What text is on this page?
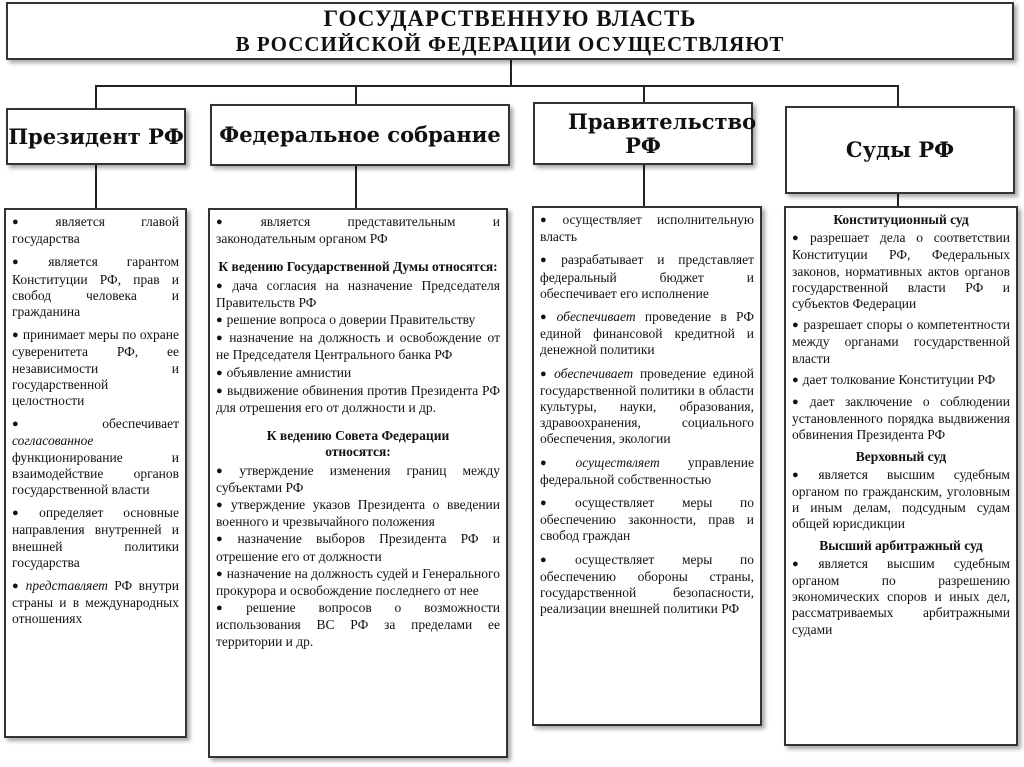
ГОСУДАРСТВЕННУЮ ВЛАСТЬ
В РОССИЙСКОЙ ФЕДЕРАЦИИ ОСУЩЕСТВЛЯЮТ
Президент РФ Федеральное собрание
Правительство РФ	Суды РФ

● является главой государства

● является гарантом Конституции РФ, прав и свобод человека и гражданина

● принимает меры по охране суверенитета РФ, ее независимости и государственной целостности

● обеспечивает согласованное функционирование и взаимодействие органов государственной власти

● определяет основные направления внутренней и внешней политики государства

● представляет РФ внутри страны и в международных отношениях

● является представительным и законодательным органом РФ

К ведению Государственной Думы относятся:

● дача согласия на назначение Председателя Правительств РФ

● решение вопроса о доверии Правительству

● назначение на должность и освобождение от не Председателя Центрального банка РФ

● объявление амнистии

● выдвижение обвинения против Президента РФ для отрешения его от должности и др.

К ведению Совета Федерации относятся:

● утверждение изменения границ между субъектами РФ

● утверждение указов Президента о введении военного и чрезвычайного положения

● назначение выборов Президента РФ и отрешение его от должности

● назначение на должность судей и Генерального прокурора и освобождение последнего от нее

● решение вопросов о возможности использования ВС РФ за пределами ее территории и др.

● осуществляет исполнительную власть

● разрабатывает и представляет федеральный бюджет и обеспечивает его исполнение

● обеспечивает проведение в РФ единой финансовой кредитной и денежной политики

● обеспечивает проведение единой государственной политики в области культуры, науки, образования, здравоохранения, социального обеспечения, экологии

● осуществляет управление федеральной собственностью

● осуществляет меры по обеспечению законности, прав и свобод граждан

● осуществляет меры по обеспечению обороны страны, государственной безопасности, реализации внешней политики РФ

Конституционный суд

● разрешает дела о соответствии Конституции РФ, Федеральных законов, нормативных актов органов государственной власти РФ и субъектов Федерации

● разрешает споры о компетентности между органами государственной власти

● дает толкование Конституции РФ

● дает заключение о соблюдении установленного порядка выдвижения обвинения Президента РФ

Верховный суд

● является высшим судебным органом по гражданским, уголовным и иным делам, подсудным судам общей юрисдикции

Высший арбитражный суд

● является высшим судебным органом по разрешению экономических споров и иных дел, рассматриваемых арбитражными судами
